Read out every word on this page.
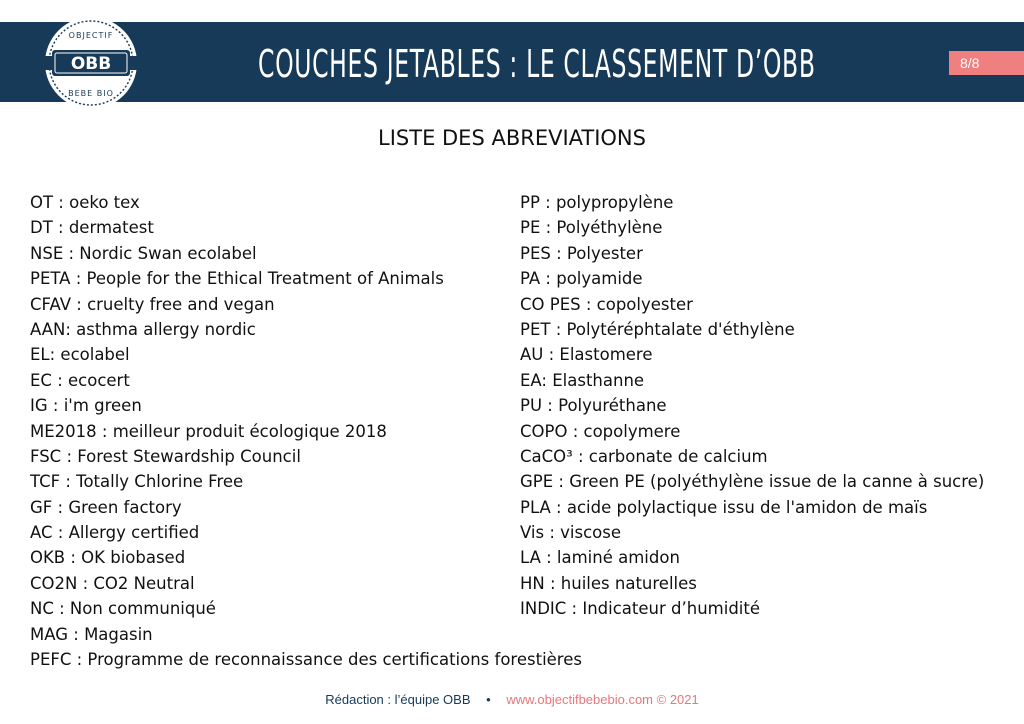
COUCHES JETABLES : LE CLASSEMENT D’OBB	8/8
OBB
OBJECTIF
BEBE BIO
LISTE DES ABREVIATIONS
OT : oeko tex
DT : dermatest
NSE : Nordic Swan ecolabel
PETA : People for the Ethical Treatment of Animals
CFAV : cruelty free and vegan
AAN: asthma allergy nordic
EL: ecolabel
EC : ecocert
IG : i'm green
ME2018 : meilleur produit écologique 2018
FSC : Forest Stewardship Council
TCF : Totally Chlorine Free
GF : Green factory
AC : Allergy certified
OKB : OK biobased
CO2N : CO2 Neutral
NC : Non communiqué
MAG : Magasin
PEFC : Programme de reconnaissance des certifications forestières
PP : polypropylène
PE : Polyéthylène
PES : Polyester
PA : polyamide
CO PES : copolyester
PET : Polytéréphtalate d'éthylène
AU : Elastomere
EA: Elasthanne
PU : Polyuréthane
COPO : copolymere
CaCO³ : carbonate de calcium
GPE : Green PE (polyéthylène issue de la canne à sucre)
PLA : acide polylactique issu de l'amidon de maïs
Vis : viscose
LA : laminé amidon
HN : huiles naturelles
INDIC : Indicateur d’humidité
Rédaction : l’équipe OBB • www.objectifbebebio.com © 2021
